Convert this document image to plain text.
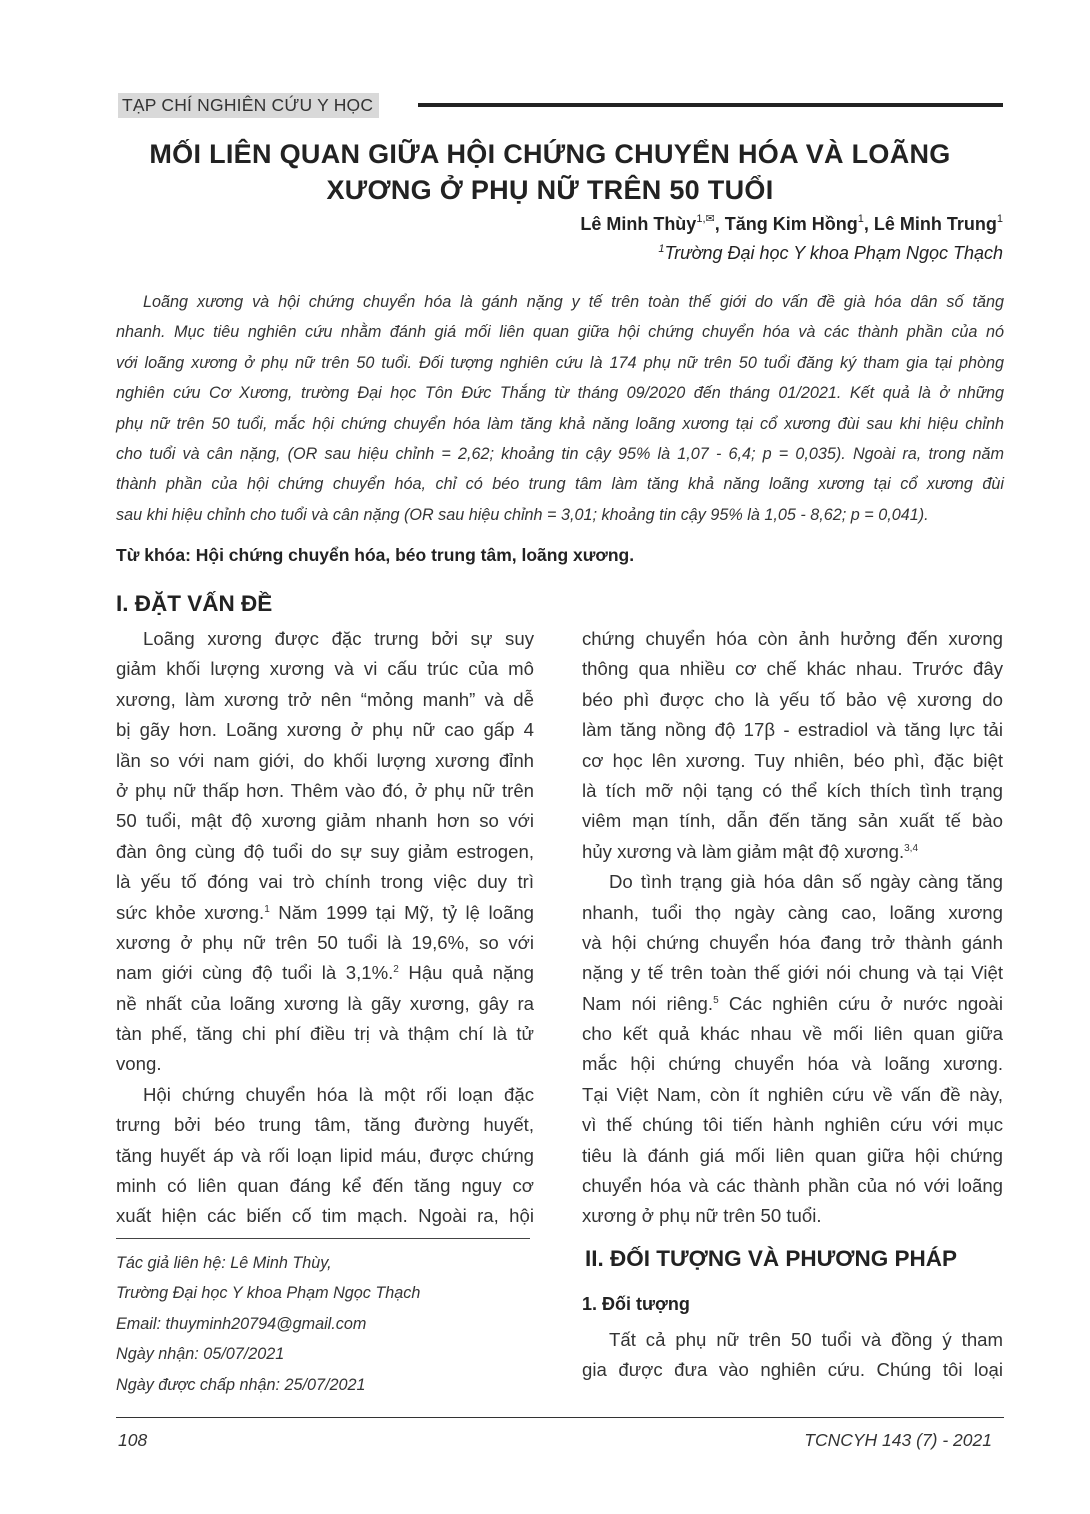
TẠP CHÍ NGHIÊN CỨU Y HỌC
MỐI LIÊN QUAN GIỮA HỘI CHỨNG CHUYỂN HÓA VÀ LOÃNG
XƯƠNG Ở PHỤ NỮ TRÊN 50 TUỔI
Lê Minh Thùy$^{1,✉}$, Tăng Kim Hồng$^1$, Lê Minh Trung$^1$
$^1$Trường Đại học Y khoa Phạm Ngọc Thạch
Loãng xương và hội chứng chuyển hóa là gánh nặng y tế trên toàn thế giới do vấn đề già hóa dân số tăng
nhanh. Mục tiêu nghiên cứu nhằm đánh giá mối liên quan giữa hội chứng chuyển hóa và các thành phần của nó
với loãng xương ở phụ nữ trên 50 tuổi. Đối tượng nghiên cứu là 174 phụ nữ trên 50 tuổi đăng ký tham gia tại phòng
nghiên cứu Cơ Xương, trường Đại học Tôn Đức Thắng từ tháng 09/2020 đến tháng 01/2021. Kết quả là ở những
phụ nữ trên 50 tuổi, mắc hội chứng chuyển hóa làm tăng khả năng loãng xương tại cổ xương đùi sau khi hiệu chỉnh
cho tuổi và cân nặng, (OR sau hiệu chỉnh = 2,62; khoảng tin cậy 95% là 1,07 - 6,4; p = 0,035). Ngoài ra, trong năm
thành phần của hội chứng chuyển hóa, chỉ có béo trung tâm làm tăng khả năng loãng xương tại cổ xương đùi
sau khi hiệu chỉnh cho tuổi và cân nặng (OR sau hiệu chỉnh = 3,01; khoảng tin cậy 95% là 1,05 - 8,62; p = 0,041).
Từ khóa: Hội chứng chuyển hóa, béo trung tâm, loãng xương.
I. ĐẶT VẤN ĐỀ
Loãng xương được đặc trưng bởi sự suy
giảm khối lượng xương và vi cấu trúc của mô
xương, làm xương trở nên “mỏng manh” và dễ
bị gãy hơn. Loãng xương ở phụ nữ cao gấp 4
lần so với nam giới, do khối lượng xương đỉnh
ở phụ nữ thấp hơn. Thêm vào đó, ở phụ nữ trên
50 tuổi, mật độ xương giảm nhanh hơn so với
đàn ông cùng độ tuổi do sự suy giảm estrogen,
là yếu tố đóng vai trò chính trong việc duy trì
sức khỏe xương.$^1$ Năm 1999 tại Mỹ, tỷ lệ loãng
xương ở phụ nữ trên 50 tuổi là 19,6%, so với
nam giới cùng độ tuổi là 3,1%.$^2$ Hậu quả nặng
nề nhất của loãng xương là gãy xương, gây ra
tàn phế, tăng chi phí điều trị và thậm chí là tử
vong.
Hội chứng chuyển hóa là một rối loạn đặc
trưng bởi béo trung tâm, tăng đường huyết,
tăng huyết áp và rối loạn lipid máu, được chứng
minh có liên quan đáng kể đến tăng nguy cơ
xuất hiện các biến cố tim mạch. Ngoài ra, hội
chứng chuyển hóa còn ảnh hưởng đến xương
thông qua nhiều cơ chế khác nhau. Trước đây
béo phì được cho là yếu tố bảo vệ xương do
làm tăng nồng độ 17β - estradiol và tăng lực tải
cơ học lên xương. Tuy nhiên, béo phì, đặc biệt
là tích mỡ nội tạng có thể kích thích tình trạng
viêm mạn tính, dẫn đến tăng sản xuất tế bào
hủy xương và làm giảm mật độ xương.$^{3,4}$
Do tình trạng già hóa dân số ngày càng tăng
nhanh, tuổi thọ ngày càng cao, loãng xương
và hội chứng chuyển hóa đang trở thành gánh
nặng y tế trên toàn thế giới nói chung và tại Việt
Nam nói riêng.$^5$ Các nghiên cứu ở nước ngoài
cho kết quả khác nhau về mối liên quan giữa
mắc hội chứng chuyển hóa và loãng xương.
Tại Việt Nam, còn ít nghiên cứu về vấn đề này,
vì thế chúng tôi tiến hành nghiên cứu với mục
tiêu là đánh giá mối liên quan giữa hội chứng
chuyển hóa và các thành phần của nó với loãng
xương ở phụ nữ trên 50 tuổi.
II. ĐỐI TƯỢNG VÀ PHƯƠNG PHÁP
1. Đối tượng
Tất cả phụ nữ trên 50 tuổi và đồng ý tham
gia được đưa vào nghiên cứu. Chúng tôi loại
Tác giả liên hệ: Lê Minh Thùy,
Trường Đại học Y khoa Phạm Ngọc Thạch
Email: thuyminh20794@gmail.com
Ngày nhận: 05/07/2021
Ngày được chấp nhận: 25/07/2021
108	TCNCYH 143 (7) - 2021
